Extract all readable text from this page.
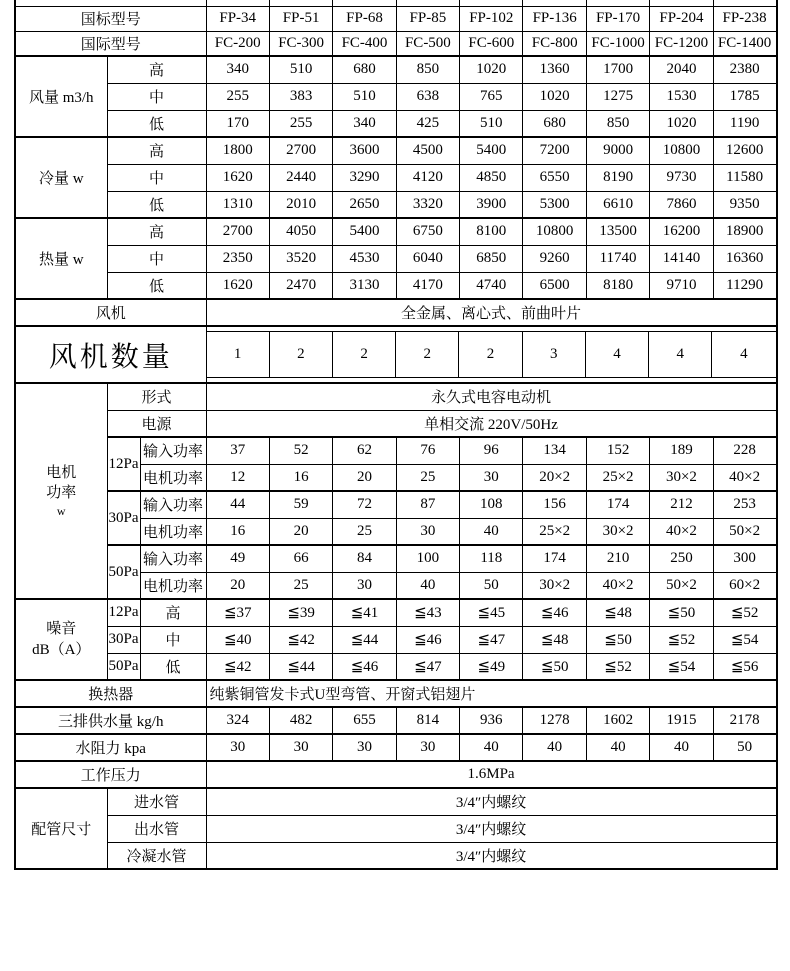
国标型号			FP-34	FP-51	FP-68	FP-85	FP-102	FP-136	FP-170	FP-204	FP-238
国际型号			FC-200	FC-300	FC-400	FC-500	FC-600	FC-800	FC-1000	FC-1200	FC-1400
风量 m3/h	高		340	510	680	850	1020	1360	1700	2040	2380
	中		255	383	510	638	765	1020	1275	1530	1785
	低		170	255	340	425	510	680	850	1020	1190
冷量 w	高		1800	2700	3600	4500	5400	7200	9000	10800	12600
	中		1620	2440	3290	4120	4850	6550	8190	9730	11580
	低		1310	2010	2650	3320	3900	5300	6610	7860	9350
热量 w	高		2700	4050	5400	6750	8100	10800	13500	16200	18900
	中		2350	3520	4530	6040	6850	9260	11740	14140	16360
	低		1620	2470	3130	4170	4740	6500	8180	9710	11290
风机			全金属、离心式、前曲叶片								
风机数量	1	2	2	2	2	3	4	4	4

电机
功率
w	形式		永久式电容电动机								
	电源		单相交流 220V/50Hz								
	12Pa	输入功率	37	52	62	76	96	134	152	189	228
		电机功率	12	16	20	25	30	20×2	25×2	30×2	40×2
	30Pa	输入功率	44	59	72	87	108	156	174	212	253
		电机功率	16	20	25	30	40	25×2	30×2	40×2	50×2
	50Pa	输入功率	49	66	84	100	118	174	210	250	300
		电机功率	20	25	30	40	50	30×2	40×2	50×2	60×2

噪音
dB（A）	12Pa	高	≦37	≦39	≦41	≦43	≦45	≦46	≦48	≦50	≦52
	30Pa	中	≦40	≦42	≦44	≦46	≦47	≦48	≦50	≦52	≦54
	50Pa	低	≦42	≦44	≦46	≦47	≦49	≦50	≦52	≦54	≦56
换热器			纯紫铜管发卡式U型弯管、开窗式铝翅片								
三排供水量 kg/h			324	482	655	814	936	1278	1602	1915	2178
水阻力 kpa			30	30	30	30	40	40	40	40	50
工作压力			1.6MPa								
配管尺寸	进水管		3/4″内螺纹								
	出水管		3/4″内螺纹								
	冷凝水管		3/4″内螺纹								
